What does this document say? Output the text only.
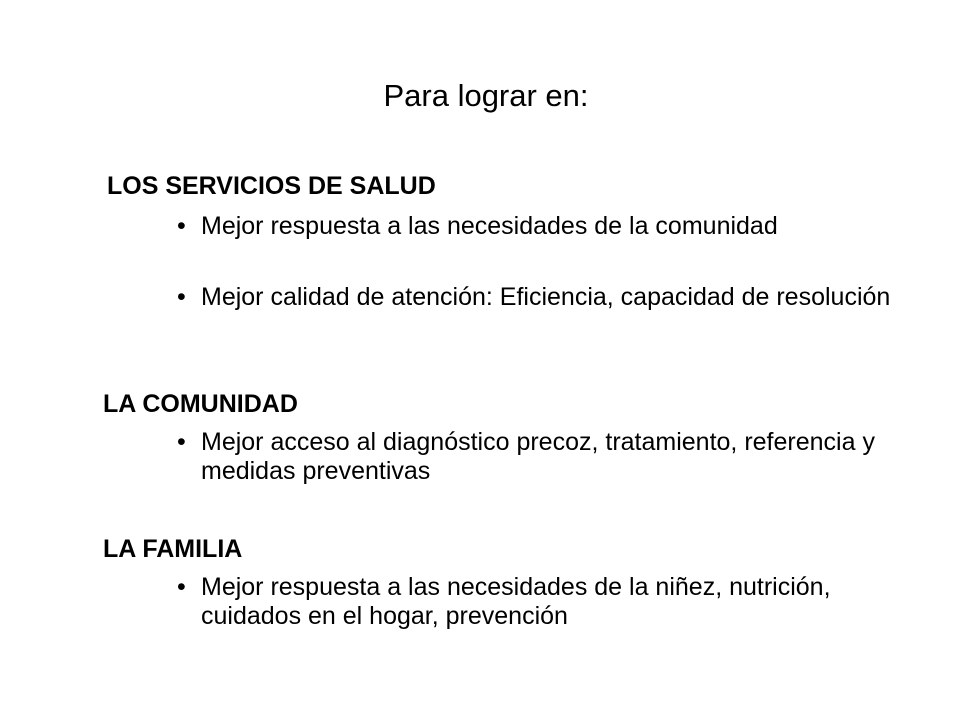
Para lograr en:
LOS SERVICIOS DE SALUD
• Mejor respuesta a las necesidades de la comunidad
• Mejor calidad de atención: Eficiencia, capacidad de resolución
LA COMUNIDAD
• Mejor acceso al diagnóstico precoz, tratamiento, referencia y medidas preventivas
LA FAMILIA
• Mejor respuesta a las necesidades de la niñez, nutrición, cuidados en el hogar, prevención
